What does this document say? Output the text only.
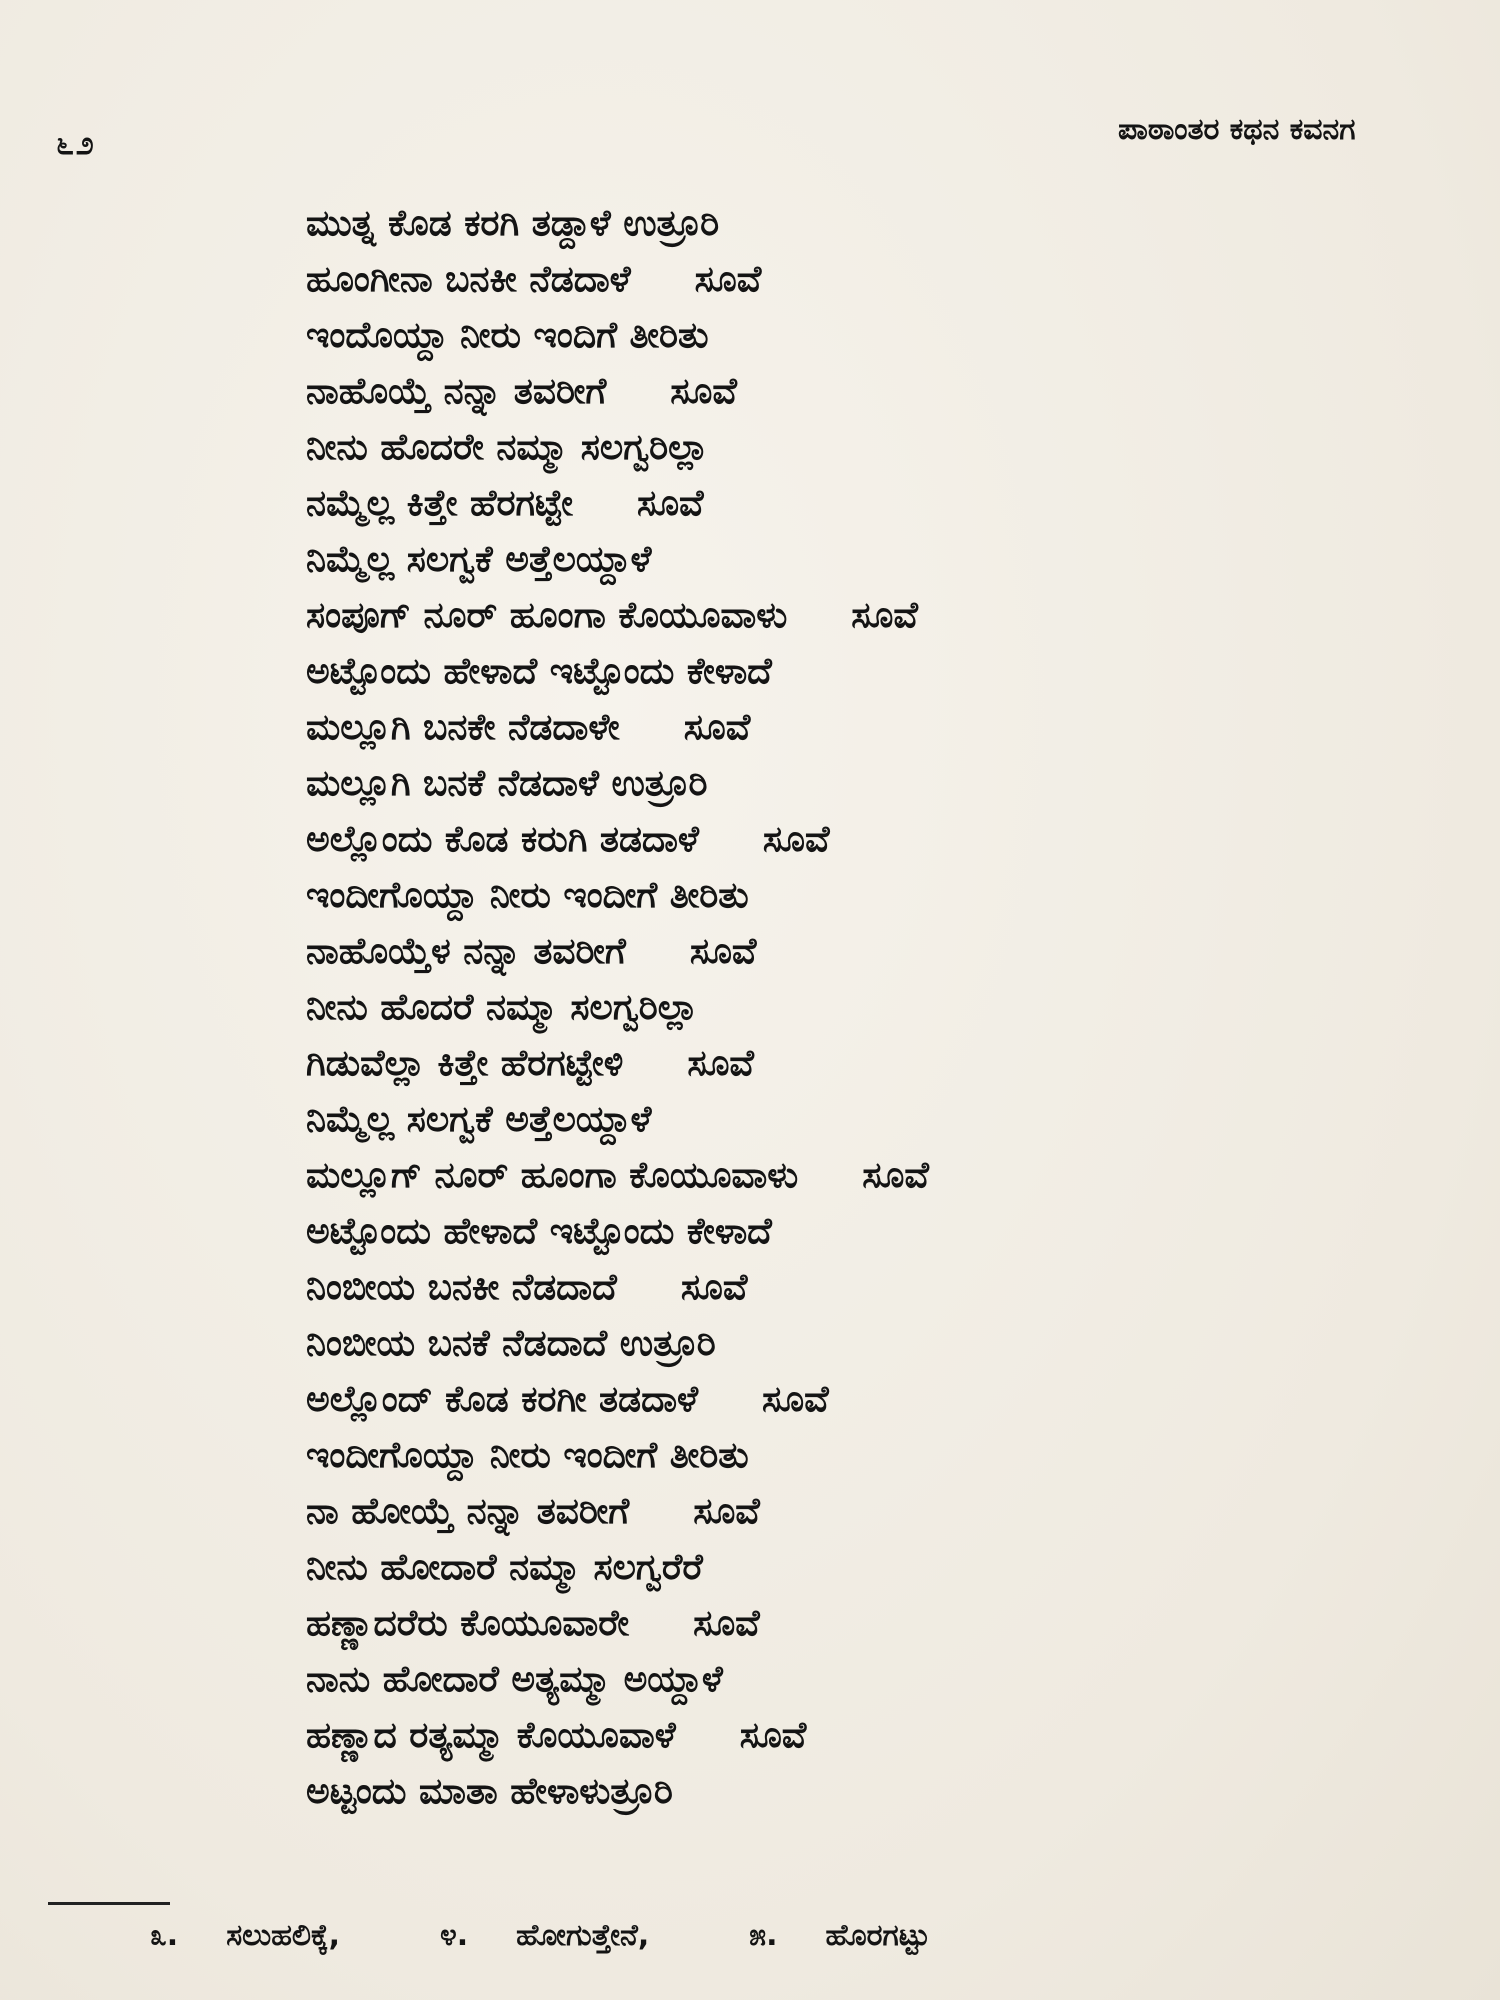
೬೨	ಪಾಠಾಂತರ ಕಥನ ಕವನಗ

ಮುತ್ನ ಕೊಡ ಕರಗಿ ತಡ್ದಾಳೆ ಉತ್ರೂರಿ
ಹೂಂಗೀನಾ ಬನಕೀ ನೆಡದಾಳೆ ಸೂವೆ
ಇಂದೊಯ್ದಾ ನೀರು ಇಂದಿಗೆ ತೀರಿತು
ನಾಹೊಯ್ತೆ ನನ್ನಾ ತವರೀಗೆ ಸೂವೆ
ನೀನು ಹೊದರೇ ನಮ್ಮಾ ಸಲಗ್ವರಿಲ್ಲಾ
ನಮ್ಮೆಲ್ಲ ಕಿತ್ತೇ ಹೆರಗಟ್ಟೇ ಸೂವೆ
ನಿಮ್ಮೆಲ್ಲ ಸಲಗ್ವಕೆ ಅತ್ತೆಲಯ್ದಾಳೆ
ಸಂಪೂಗ್ ನೂರ್ ಹೂಂಗಾ ಕೊಯೂವಾಳು ಸೂವೆ
ಅಟ್ಟೊಂದು ಹೇಳಾದೆ ಇಟ್ಟೊಂದು ಕೇಳಾದೆ
ಮಲ್ಲೂಗಿ ಬನಕೇ ನೆಡದಾಳೇ ಸೂವೆ
ಮಲ್ಲೂಗಿ ಬನಕೆ ನೆಡದಾಳೆ ಉತ್ರೂರಿ
ಅಲ್ಲೊಂದು ಕೊಡ ಕರುಗಿ ತಡದಾಳೆ ಸೂವೆ
ಇಂದೀಗೊಯ್ದಾ ನೀರು ಇಂದೀಗೆ ತೀರಿತು
ನಾಹೊಯ್ತೆಳ ನನ್ನಾ ತವರೀಗೆ ಸೂವೆ
ನೀನು ಹೊದರೆ ನಮ್ಮಾ ಸಲಗ್ವರಿಲ್ಲಾ
ಗಿಡುವೆಲ್ಲಾ ಕಿತ್ತೇ ಹೆರಗಟ್ಟೇಳಿ ಸೂವೆ
ನಿಮ್ಮೆಲ್ಲ ಸಲಗ್ವಕೆ ಅತ್ತೆಲಯ್ದಾಳೆ
ಮಲ್ಲೂಗ್ ನೂರ್ ಹೂಂಗಾ ಕೊಯೂವಾಳು ಸೂವೆ
ಅಟ್ಟೊಂದು ಹೇಳಾದೆ ಇಟ್ಟೊಂದು ಕೇಳಾದೆ
ನಿಂಬೀಯ ಬನಕೀ ನೆಡದಾದೆ ಸೂವೆ
ನಿಂಬೀಯ ಬನಕೆ ನೆಡದಾದೆ ಉತ್ರೂರಿ
ಅಲ್ಲೊಂದ್ ಕೊಡ ಕರಗೀ ತಡದಾಳೆ ಸೂವೆ
ಇಂದೀಗೊಯ್ದಾ ನೀರು ಇಂದೀಗೆ ತೀರಿತು
ನಾ ಹೋಯ್ತೆ ನನ್ನಾ ತವರೀಗೆ ಸೂವೆ
ನೀನು ಹೋದಾರೆ ನಮ್ಮಾ ಸಲಗ್ವರೆರೆ
ಹಣ್ಣಾದರೆರು ಕೊಯೂವಾರೇ ಸೂವೆ
ನಾನು ಹೋದಾರೆ ಅತ್ಯಮ್ಮಾ ಅಯ್ದಾಳೆ
ಹಣ್ಣಾದ ರತ್ಯಮ್ಮಾ ಕೊಯೂವಾಳೆ ಸೂವೆ
ಅಟ್ಟಂದು ಮಾತಾ ಹೇಳಾಳುತ್ರೂರಿ
೩. ಸಲುಹಲಿಕ್ಕೆ,	೪. ಹೋಗುತ್ತೇನೆ,	೫. ಹೊರಗಟ್ಟು
